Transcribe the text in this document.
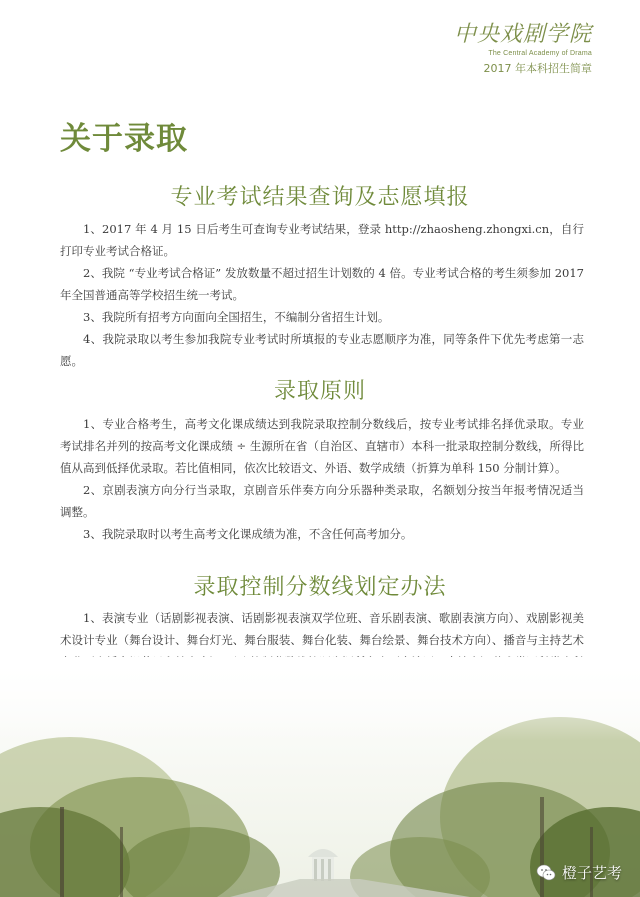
中央戏剧学院
The Central Academy of Drama
2017 年本科招生简章
关于录取
专业考试结果查询及志愿填报

1、2017 年 4 月 15 日后考生可查询专业考试结果，登录 http://zhaosheng.zhongxi.cn，自行打印专业考试合格证。

2、我院 “专业考试合格证” 发放数量不超过招生计划数的 4 倍。专业考试合格的考生须参加 2017 年全国普通高等学校招生统一考试。

3、我院所有招考方向面向全国招生，不编制分省招生计划。

4、我院录取以考生参加我院专业考试时所填报的专业志愿顺序为准，同等条件下优先考虑第一志愿。

录取原则

1、专业合格考生，高考文化课成绩达到我院录取控制分数线后，按专业考试排名择优录取。专业考试排名并列的按高考文化课成绩 ÷ 生源所在省（自治区、直辖市）本科一批录取控制分数线，所得比值从高到低择优录取。若比值相同，依次比较语文、外语、数学成绩（折算为单科 150 分制计算）。

2、京剧表演方向分行当录取，京剧音乐伴奏方向分乐器种类录取，名额划分按当年报考情况适当调整。

3、我院录取时以考生高考文化课成绩为准，不含任何高考加分。

录取控制分数线划定办法

1、表演专业（话剧影视表演、话剧影视表演双学位班、音乐剧表演、歌剧表演方向）、戏剧影视美术设计专业（舞台设计、舞台灯光、舞台服装、舞台化装、舞台绘景、舞台技术方向）、播音与主持艺术

橙子艺考
